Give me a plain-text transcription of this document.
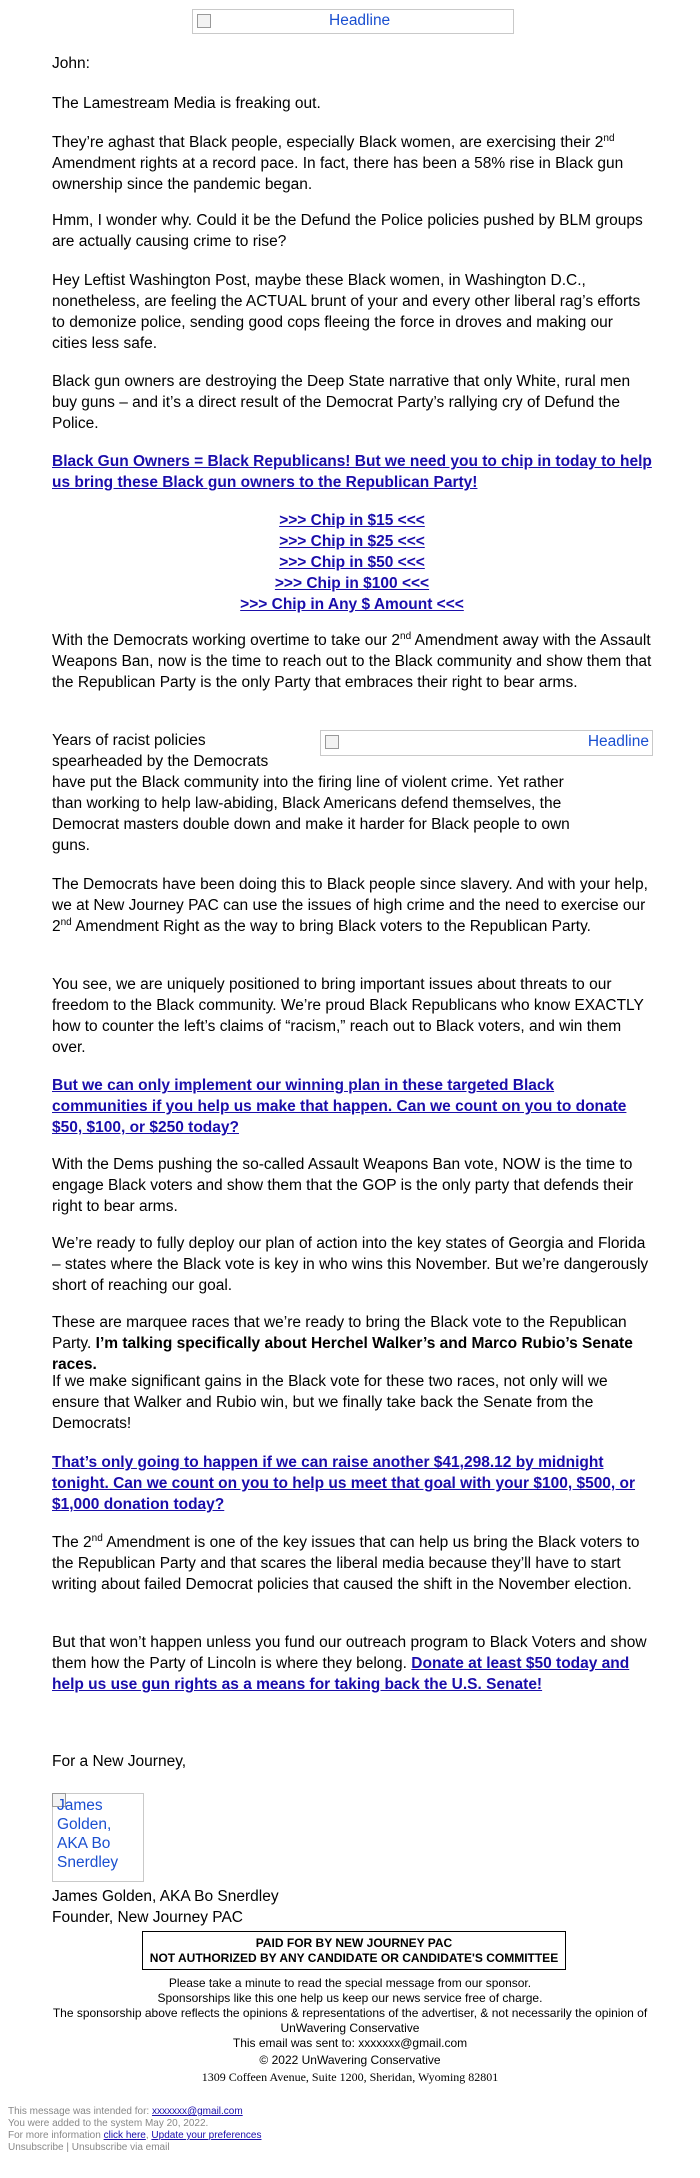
Headline

John:

The Lamestream Media is freaking out.

They’re aghast that Black people, especially Black women, are exercising their 2nd Amendment rights at a record pace. In fact, there has been a 58% rise in Black gun ownership since the pandemic began.

Hmm, I wonder why. Could it be the Defund the Police policies pushed by BLM groups are actually causing crime to rise?

Hey Leftist Washington Post, maybe these Black women, in Washington D.C., nonetheless, are feeling the ACTUAL brunt of your and every other liberal rag’s efforts to demonize police, sending good cops fleeing the force in droves and making our cities less safe.

Black gun owners are destroying the Deep State narrative that only White, rural men buy guns – and it’s a direct result of the Democrat Party’s rallying cry of Defund the Police.

Black Gun Owners = Black Republicans! But we need you to chip in today to help us bring these Black gun owners to the Republican Party!

>>> Chip in $15 <<<
>>> Chip in $25 <<<
>>> Chip in $50 <<<
>>> Chip in $100 <<<
>>> Chip in Any $ Amount <<<

With the Democrats working overtime to take our 2nd Amendment away with the Assault Weapons Ban, now is the time to reach out to the Black community and show them that the Republican Party is the only Party that embraces their right to bear arms.

Years of racist policies

spearheaded by the Democrats

have put the Black community into the firing line of violent crime. Yet rather

than working to help law-abiding, Black Americans defend themselves, the

Democrat masters double down and make it harder for Black people to own

guns.

The Democrats have been doing this to Black people since slavery. And with your help, we at New Journey PAC can use the issues of high crime and the need to exercise our 2nd Amendment Right as the way to bring Black voters to the Republican Party.

You see, we are uniquely positioned to bring important issues about threats to our freedom to the Black community. We’re proud Black Republicans who know EXACTLY how to counter the left’s claims of “racism,” reach out to Black voters, and win them over.

But we can only implement our winning plan in these targeted Black communities if you help us make that happen. Can we count on you to donate $50, $100, or $250 today?

With the Dems pushing the so-called Assault Weapons Ban vote, NOW is the time to engage Black voters and show them that the GOP is the only party that defends their right to bear arms.

We’re ready to fully deploy our plan of action into the key states of Georgia and Florida – states where the Black vote is key in who wins this November. But we’re dangerously short of reaching our goal.

These are marquee races that we’re ready to bring the Black vote to the Republican Party. I’m talking specifically about Herchel Walker’s and Marco Rubio’s Senate races.

If we make significant gains in the Black vote for these two races, not only will we ensure that Walker and Rubio win, but we finally take back the Senate from the Democrats!

That’s only going to happen if we can raise another $41,298.12 by midnight tonight. Can we count on you to help us meet that goal with your $100, $500, or $1,000 donation today?

The 2nd Amendment is one of the key issues that can help us bring the Black voters to the Republican Party and that scares the liberal media because they’ll have to start writing about failed Democrat policies that caused the shift in the November election.

But that won’t happen unless you fund our outreach program to Black Voters and show them how the Party of Lincoln is where they belong. Donate at least $50 today and help us use gun rights as a means for taking back the U.S. Senate!

For a New Journey,

Headline
James Golden, AKA Bo Snerdley

James Golden, AKA Bo Snerdley

Founder, New Journey PAC

PAID FOR BY NEW JOURNEY PAC
NOT AUTHORIZED BY ANY CANDIDATE OR CANDIDATE'S COMMITTEE
Please take a minute to read the special message from our sponsor.
Sponsorships like this one help us keep our news service free of charge.
The sponsorship above reflects the opinions & representations of the advertiser, & not necessarily the opinion of UnWavering Conservative
This email was sent to: xxxxxxx@gmail.com
© 2022 UnWavering Conservative
1309 Coffeen Avenue, Suite 1200, Sheridan, Wyoming 82801
This message was intended for: xxxxxxx@gmail.com
You were added to the system May 20, 2022.
For more information click here, Update your preferences
Unsubscribe | Unsubscribe via email
